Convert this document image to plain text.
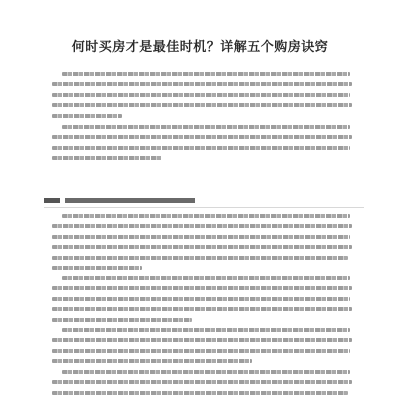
何时买房才是最佳时机？详解五个购房诀窍
